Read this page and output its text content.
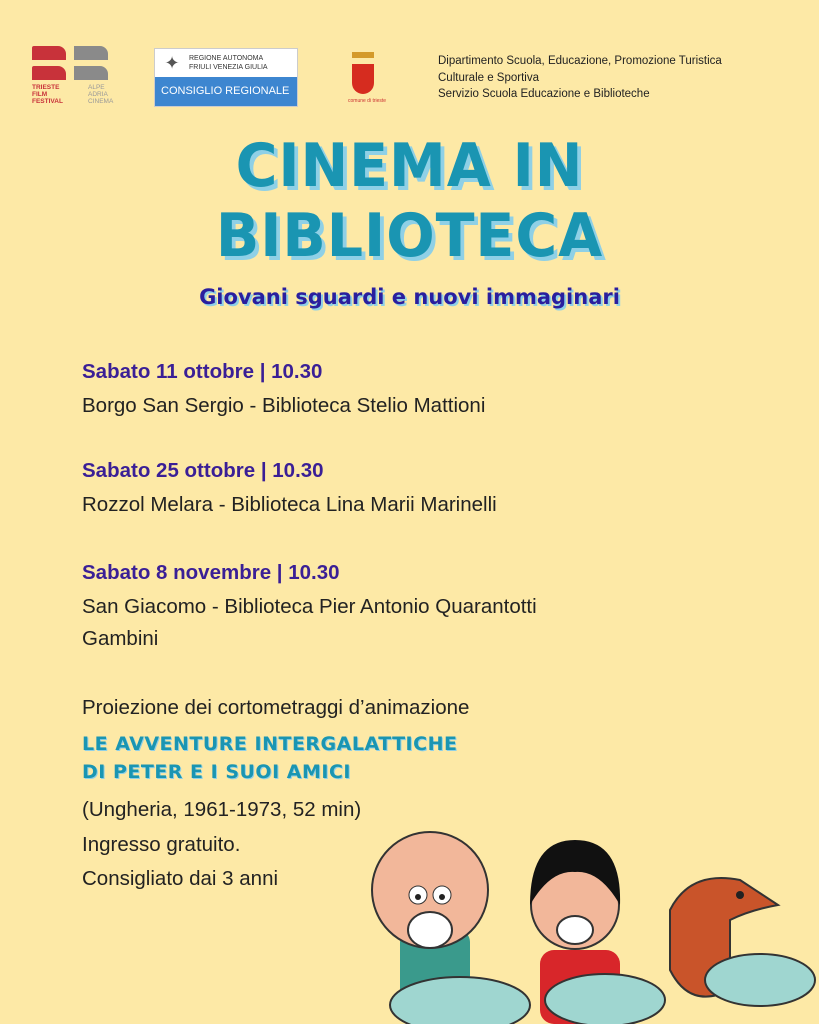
TRIESTE
FILM
FESTIVAL
ALPE
ADRIA
CINEMA
✦	REGIONE AUTONOMA
FRIULI VENEZIA GIULIA
CONSIGLIO REGIONALE
comune di trieste
Dipartimento Scuola, Educazione, Promozione Turistica
Culturale e Sportiva
Servizio Scuola Educazione e Biblioteche
CINEMA IN
BIBLIOTECA
Giovani sguardi e nuovi immaginari
Sabato 11 ottobre | 10.30
Borgo San Sergio - Biblioteca Stelio Mattioni
Sabato 25 ottobre | 10.30
Rozzol Melara - Biblioteca Lina Marii Marinelli
Sabato 8 novembre | 10.30
San Giacomo - Biblioteca Pier Antonio Quarantotti
Gambini
Proiezione dei cortometraggi d’animazione
LE AVVENTURE INTERGALATTICHE
DI PETER E I SUOI AMICI
(Ungheria, 1961-1973, 52 min)
Ingresso gratuito.
Consigliato dai 3 anni
